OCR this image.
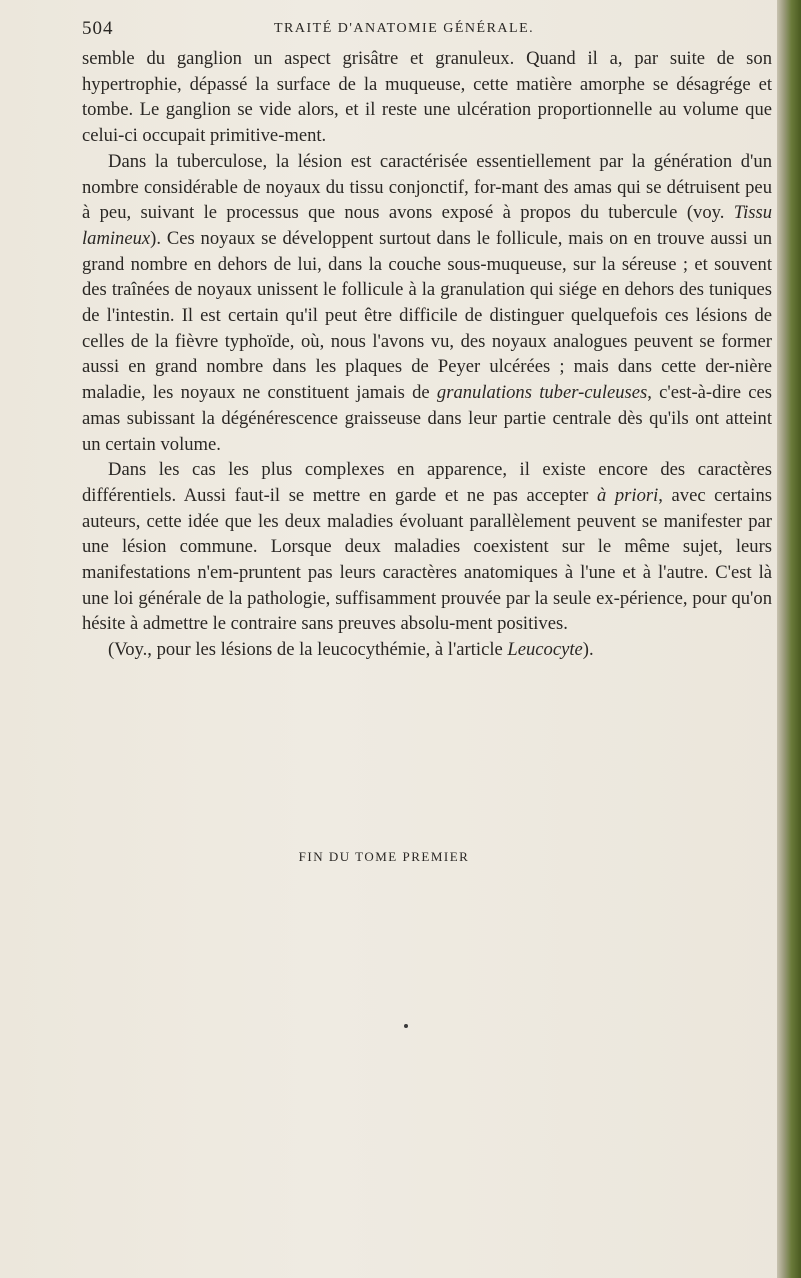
504	TRAITÉ D'ANATOMIE GÉNÉRALE.

semble du ganglion un aspect grisâtre et granuleux. Quand il a, par suite de son hypertrophie, dépassé la surface de la muqueuse, cette matière amorphe se désagrége et tombe. Le ganglion se vide alors, et il reste une ulcération proportionnelle au volume que celui-ci occupait primitive-ment.

Dans la tuberculose, la lésion est caractérisée essentiellement par la génération d'un nombre considérable de noyaux du tissu conjonctif, for-mant des amas qui se détruisent peu à peu, suivant le processus que nous avons exposé à propos du tubercule (voy. Tissu lamineux). Ces noyaux se développent surtout dans le follicule, mais on en trouve aussi un grand nombre en dehors de lui, dans la couche sous-muqueuse, sur la séreuse ; et souvent des traînées de noyaux unissent le follicule à la granulation qui siége en dehors des tuniques de l'intestin. Il est certain qu'il peut être difficile de distinguer quelquefois ces lésions de celles de la fièvre typhoïde, où, nous l'avons vu, des noyaux analogues peuvent se former aussi en grand nombre dans les plaques de Peyer ulcérées ; mais dans cette der-nière maladie, les noyaux ne constituent jamais de granulations tuber-culeuses, c'est-à-dire ces amas subissant la dégénérescence graisseuse dans leur partie centrale dès qu'ils ont atteint un certain volume.

Dans les cas les plus complexes en apparence, il existe encore des caractères différentiels. Aussi faut-il se mettre en garde et ne pas accepter à priori, avec certains auteurs, cette idée que les deux maladies évoluant parallèlement peuvent se manifester par une lésion commune. Lorsque deux maladies coexistent sur le même sujet, leurs manifestations n'em-pruntent pas leurs caractères anatomiques à l'une et à l'autre. C'est là une loi générale de la pathologie, suffisamment prouvée par la seule ex-périence, pour qu'on hésite à admettre le contraire sans preuves absolu-ment positives.

(Voy., pour les lésions de la leucocythémie, à l'article Leucocyte).

FIN DU TOME PREMIER
